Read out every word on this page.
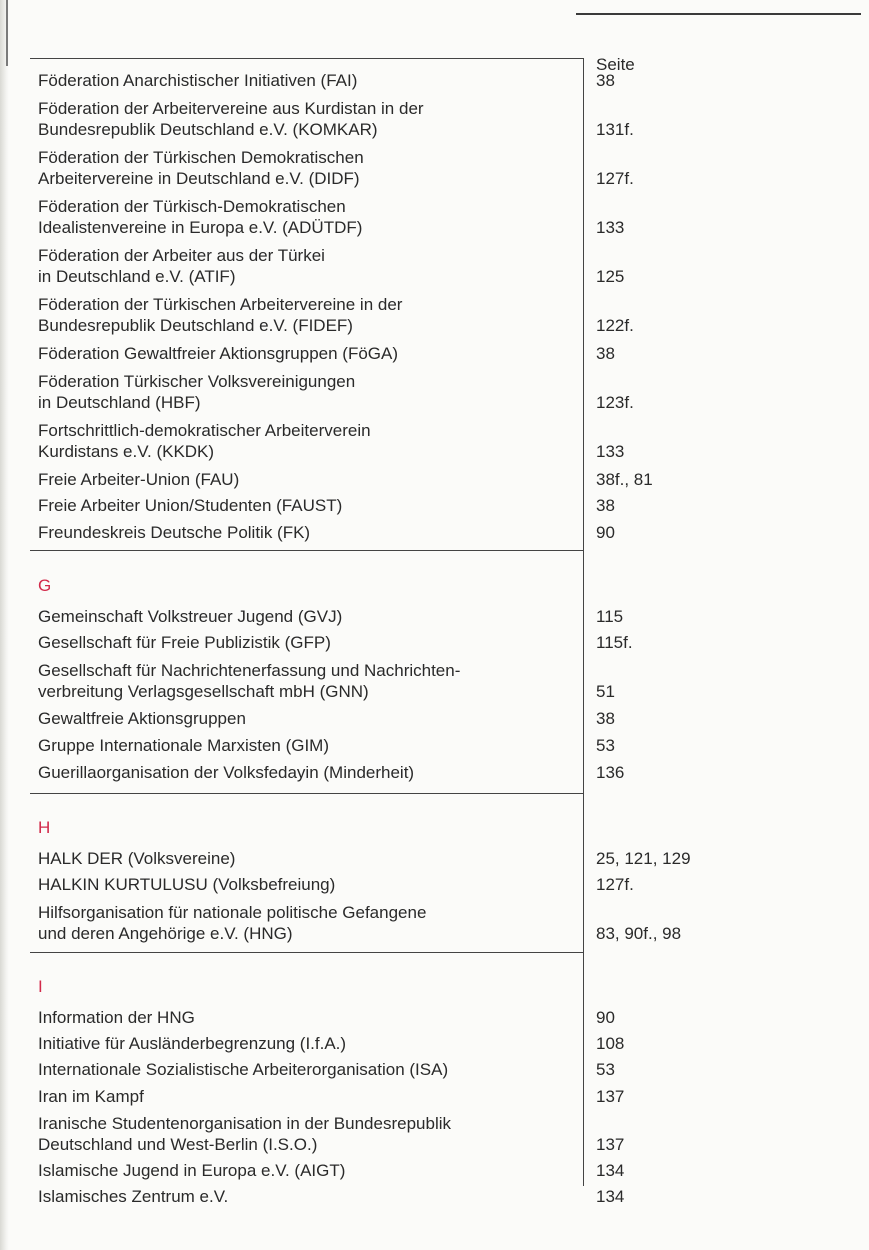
Seite
Föderation Anarchistischer Initiativen (FAI)	38
Föderation der Arbeitervereine aus Kurdistan in der
Bundesrepublik Deutschland e.V. (KOMKAR)	131f.
Föderation der Türkischen Demokratischen
Arbeitervereine in Deutschland e.V. (DIDF)	127f.
Föderation der Türkisch-Demokratischen
Idealistenvereine in Europa e.V. (ADÜTDF)	133
Föderation der Arbeiter aus der Türkei
in Deutschland e.V. (ATIF)	125
Föderation der Türkischen Arbeitervereine in der
Bundesrepublik Deutschland e.V. (FIDEF)	122f.
Föderation Gewaltfreier Aktionsgruppen (FöGA)	38
Föderation Türkischer Volksvereinigungen
in Deutschland (HBF)	123f.
Fortschrittlich-demokratischer Arbeiterverein
Kurdistans e.V. (KKDK)	133
Freie Arbeiter-Union (FAU)	38f., 81
Freie Arbeiter Union/Studenten (FAUST)	38
Freundeskreis Deutsche Politik (FK)	90
G
Gemeinschaft Volkstreuer Jugend (GVJ)	115
Gesellschaft für Freie Publizistik (GFP)	115f.
Gesellschaft für Nachrichtenerfassung und Nachrichten-
verbreitung Verlagsgesellschaft mbH (GNN)	51
Gewaltfreie Aktionsgruppen	38
Gruppe Internationale Marxisten (GIM)	53
Guerillaorganisation der Volksfedayin (Minderheit)	136
H
HALK DER (Volksvereine)	25, 121, 129
HALKIN KURTULUSU (Volksbefreiung)	127f.
Hilfsorganisation für nationale politische Gefangene
und deren Angehörige e.V. (HNG)	83, 90f., 98
I
Information der HNG	90
Initiative für Ausländerbegrenzung (I.f.A.)	108
Internationale Sozialistische Arbeiterorganisation (ISA)	53
Iran im Kampf	137
Iranische Studentenorganisation in der Bundesrepublik
Deutschland und West-Berlin (I.S.O.)	137
Islamische Jugend in Europa e.V. (AIGT)	134
Islamisches Zentrum e.V.	134
